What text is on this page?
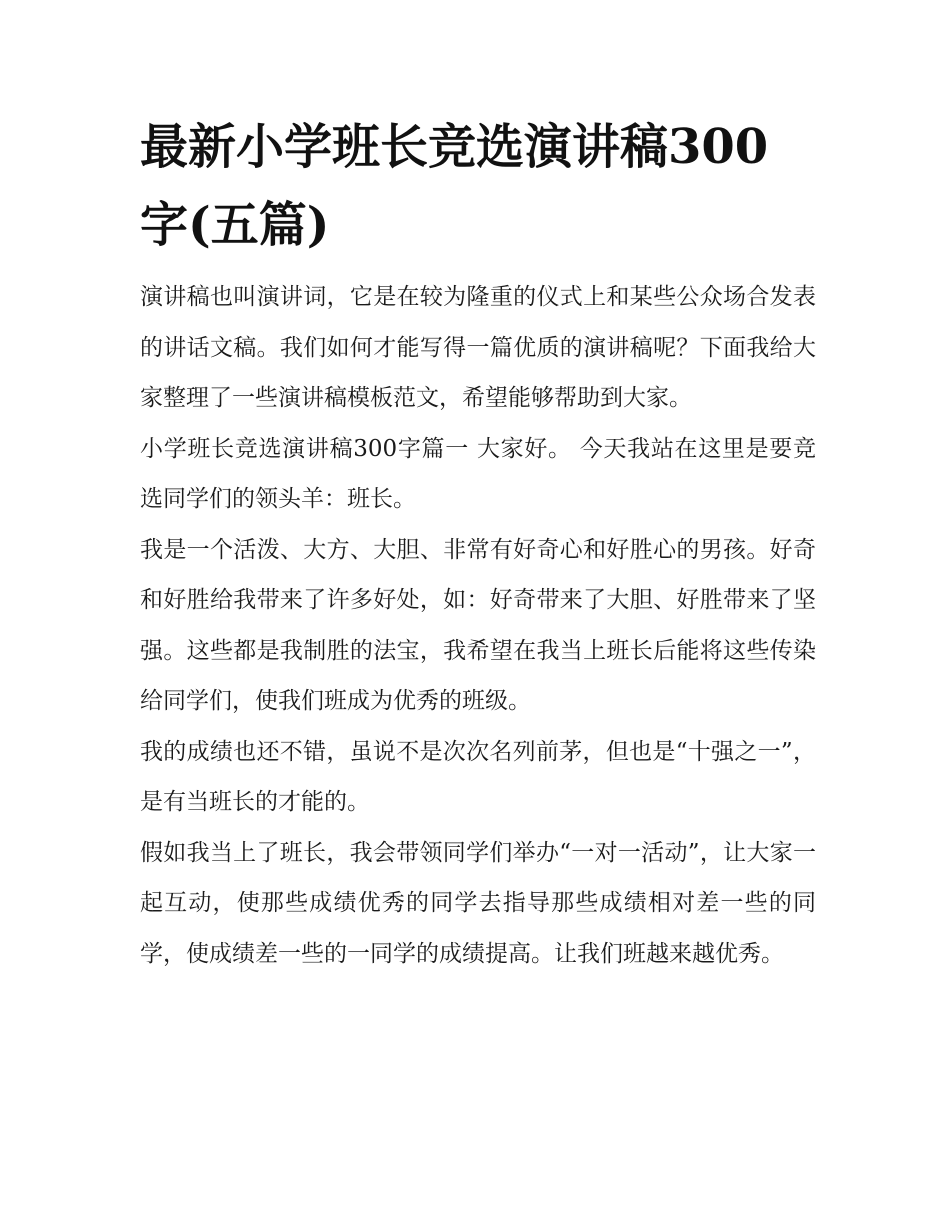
最新小学班长竞选演讲稿300字(五篇)

演讲稿也叫演讲词，它是在较为隆重的仪式上和某些公众场合发表的讲话文稿。我们如何才能写得一篇优质的演讲稿呢？下面我给大家整理了一些演讲稿模板范文，希望能够帮助到大家。

小学班长竞选演讲稿300字篇一 大家好。 今天我站在这里是要竞选同学们的领头羊：班长。

我是一个活泼、大方、大胆、非常有好奇心和好胜心的男孩。好奇和好胜给我带来了许多好处，如：好奇带来了大胆、好胜带来了坚强。这些都是我制胜的法宝，我希望在我当上班长后能将这些传染给同学们，使我们班成为优秀的班级。

我的成绩也还不错，虽说不是次次名列前茅，但也是“十强之一”，是有当班长的才能的。

假如我当上了班长，我会带领同学们举办“一对一活动”，让大家一起互动，使那些成绩优秀的同学去指导那些成绩相对差一些的同学，使成绩差一些的一同学的成绩提高。让我们班越来越优秀。
